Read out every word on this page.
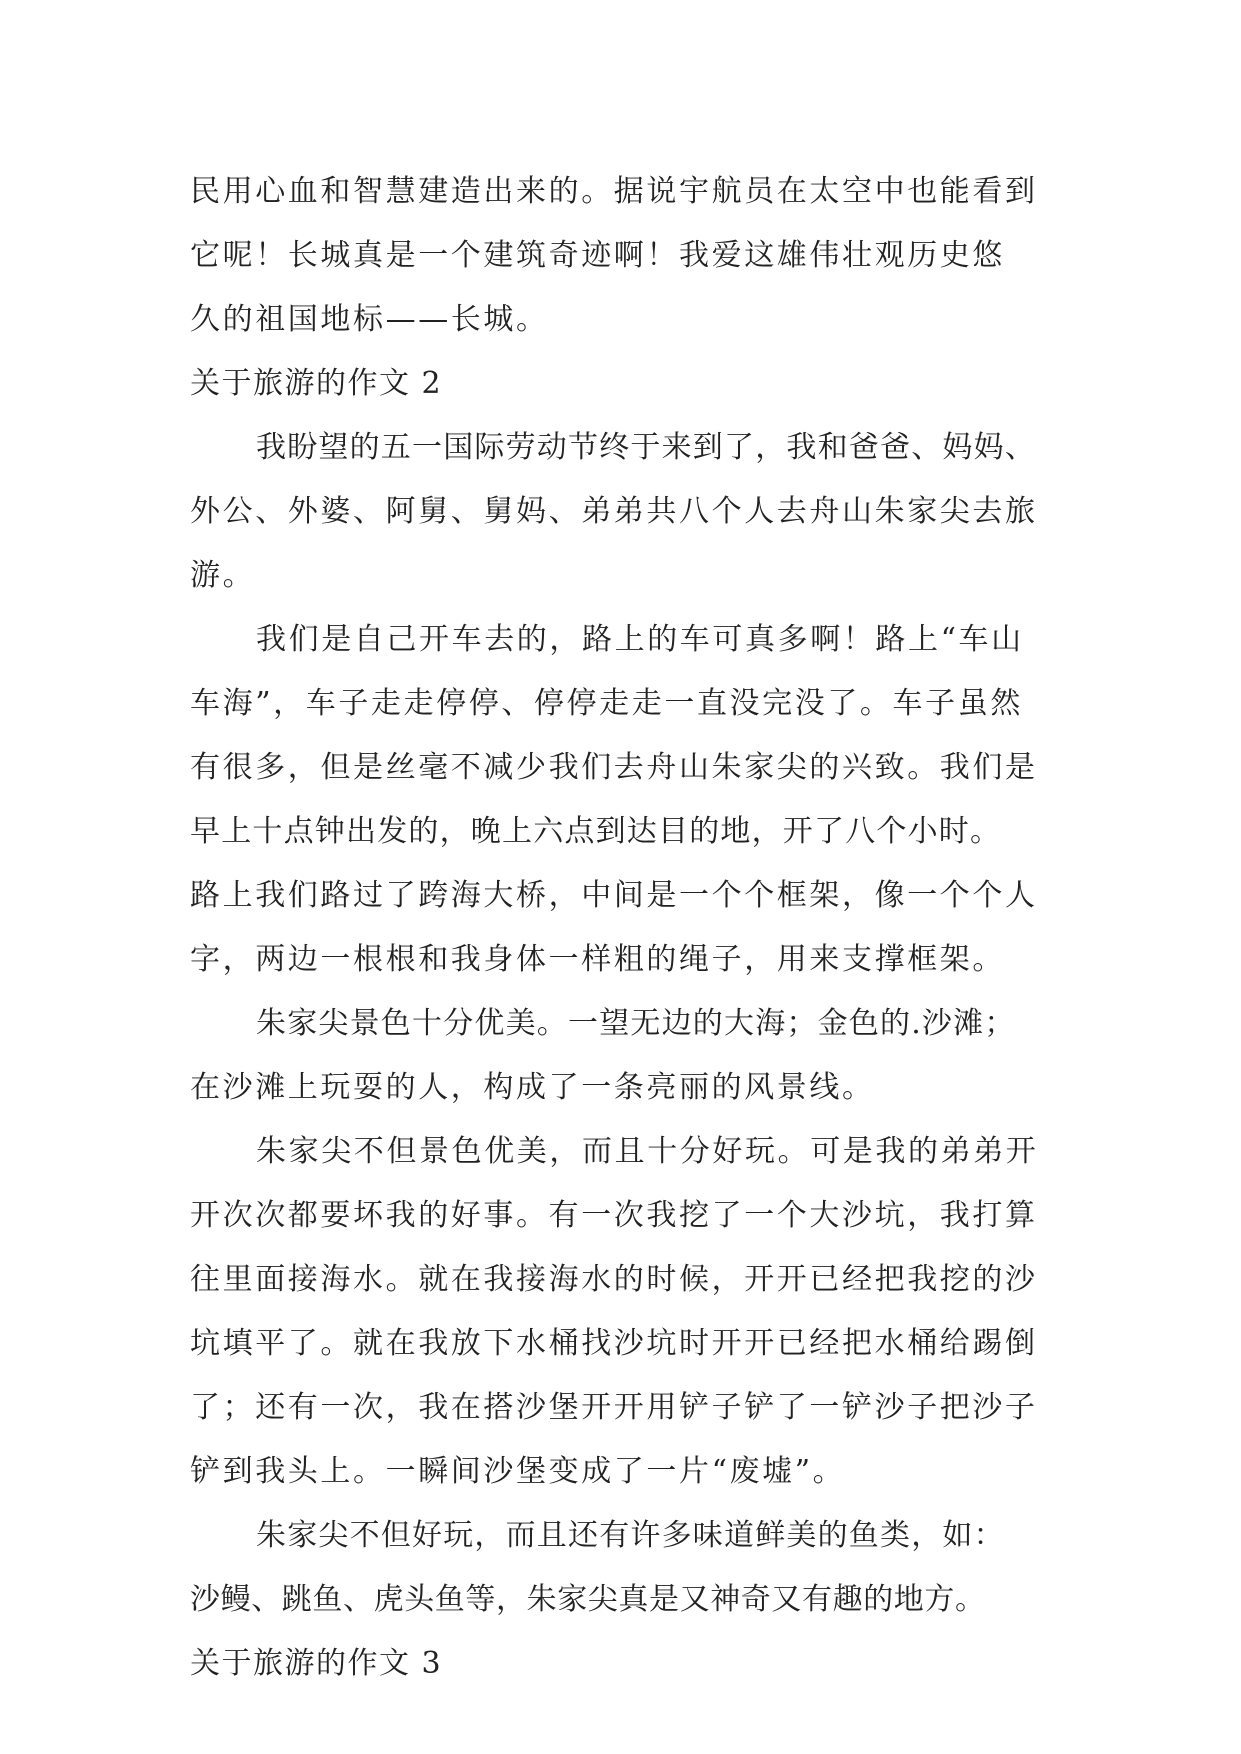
民用心血和智慧建造出来的。据说宇航员在太空中也能看到
它呢！长城真是一个建筑奇迹啊！我爱这雄伟壮观历史悠
久的祖国地标——长城。
关于旅游的作文 2
我盼望的五一国际劳动节终于来到了，我和爸爸、妈妈、
外公、外婆、阿舅、舅妈、弟弟共八个人去舟山朱家尖去旅
游。
我们是自己开车去的，路上的车可真多啊！路上“车山
车海”，车子走走停停、停停走走一直没完没了。车子虽然
有很多，但是丝毫不减少我们去舟山朱家尖的兴致。我们是
早上十点钟出发的，晚上六点到达目的地，开了八个小时。
路上我们路过了跨海大桥，中间是一个个框架，像一个个人
字，两边一根根和我身体一样粗的绳子，用来支撑框架。
朱家尖景色十分优美。一望无边的大海；金色的.沙滩；
在沙滩上玩耍的人，构成了一条亮丽的风景线。
朱家尖不但景色优美，而且十分好玩。可是我的弟弟开
开次次都要坏我的好事。有一次我挖了一个大沙坑，我打算
往里面接海水。就在我接海水的时候，开开已经把我挖的沙
坑填平了。就在我放下水桶找沙坑时开开已经把水桶给踢倒
了；还有一次，我在搭沙堡开开用铲子铲了一铲沙子把沙子
铲到我头上。一瞬间沙堡变成了一片“废墟”。
朱家尖不但好玩，而且还有许多味道鲜美的鱼类，如：
沙鳗、跳鱼、虎头鱼等，朱家尖真是又神奇又有趣的地方。
关于旅游的作文 3
